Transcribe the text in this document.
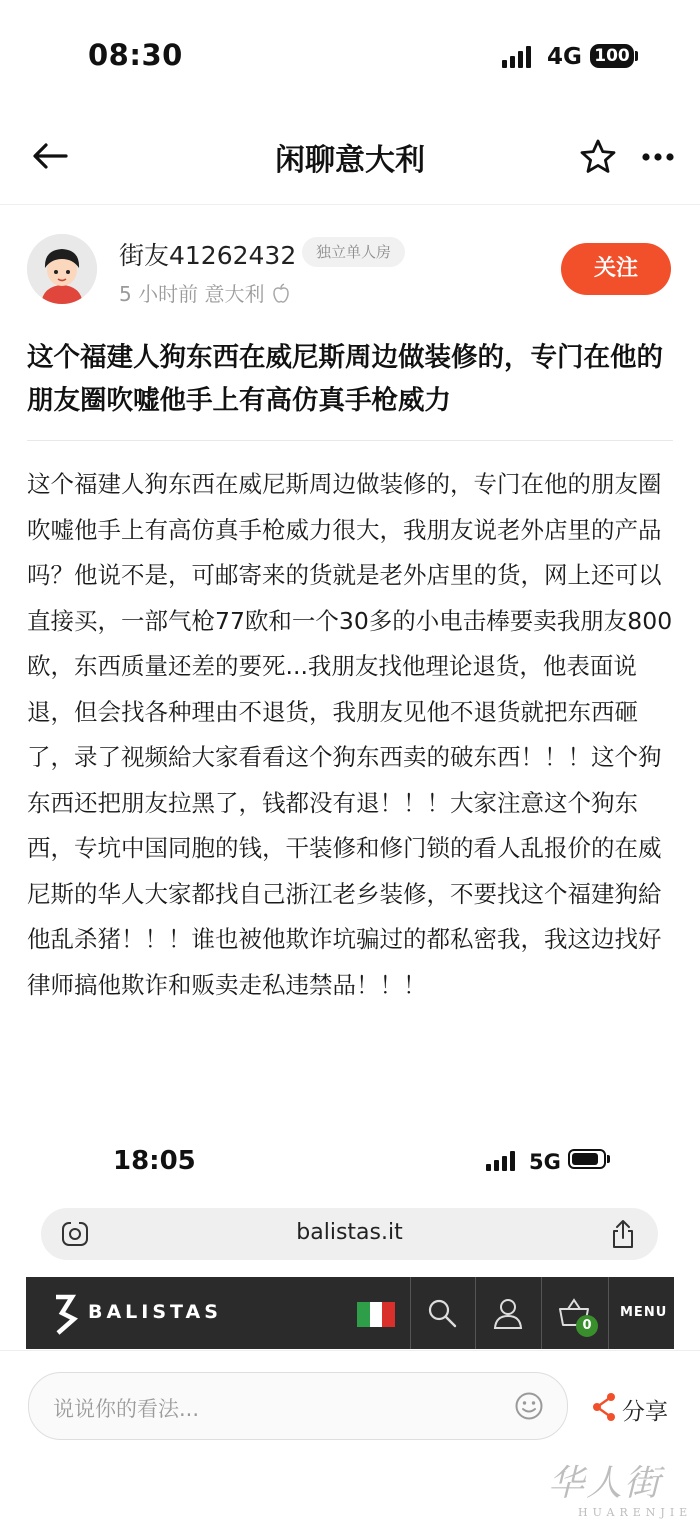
08:30	4G 100
闲聊意大利
街友41262432	独立单人房
5 小时前 意大利
关注
这个福建人狗东西在威尼斯周边做装修的，专门在他的朋友圈吹嘘他手上有高仿真手枪威力
这个福建人狗东西在威尼斯周边做装修的，专门在他的朋友圈吹嘘他手上有高仿真手枪威力很大，我朋友说老外店里的产品吗？他说不是，可邮寄来的货就是老外店里的货，网上还可以直接买，一部气枪77欧和一个30多的小电击棒要卖我朋友800欧，东西质量还差的要死...我朋友找他理论退货，他表面说退，但会找各种理由不退货，我朋友见他不退货就把东西砸了，录了视频給大家看看这个狗东西卖的破东西！！！这个狗东西还把朋友拉黑了，钱都没有退！！！大家注意这个狗东西，专坑中国同胞的钱，干装修和修门锁的看人乱报价的在威尼斯的华人大家都找自己浙江老乡装修，不要找这个福建狗給他乱杀猪！！！谁也被他欺诈坑骗过的都私密我，我这边找好律师搞他欺诈和贩卖走私违禁品！！！
18:05	5G
balistas.it
BALISTAS
0
MENU
说说你的看法...	分享
华人街
HUARENJIE
